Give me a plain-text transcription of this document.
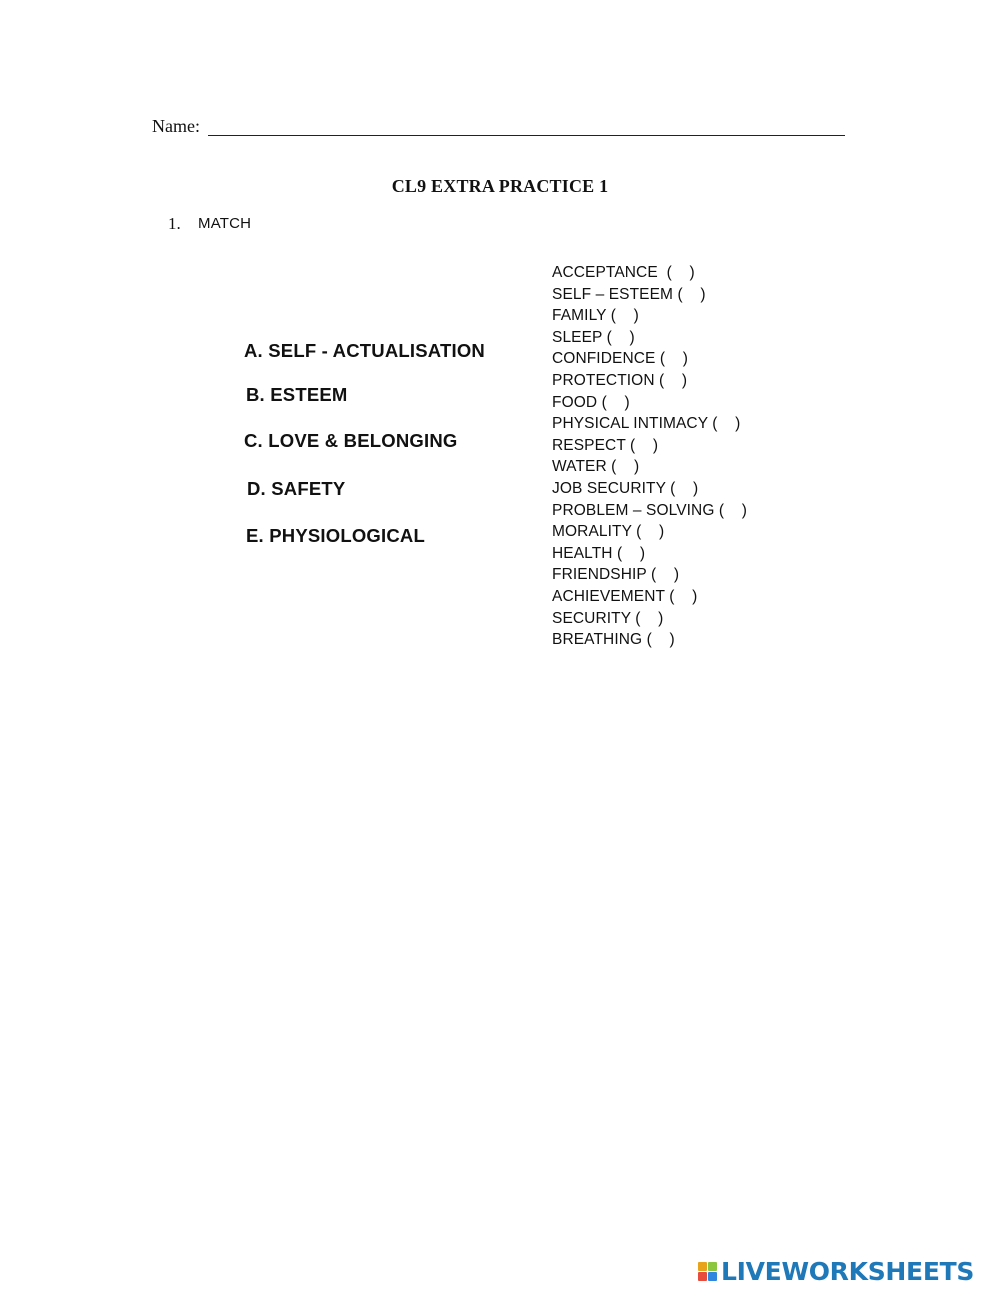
Name:
CL9 EXTRA PRACTICE 1
1. MATCH
A. SELF - ACTUALISATION
B. ESTEEM
C. LOVE & BELONGING
D. SAFETY
E. PHYSIOLOGICAL
ACCEPTANCE  (    )
SELF – ESTEEM (    )
FAMILY (    )
SLEEP (    )
CONFIDENCE (    )
PROTECTION (    )
FOOD (    )
PHYSICAL INTIMACY (    )
RESPECT (    )
WATER (    )
JOB SECURITY (    )
PROBLEM – SOLVING (    )
MORALITY (    )
HEALTH (    )
FRIENDSHIP (    )
ACHIEVEMENT (    )
SECURITY (    )
BREATHING (    )
LIVEWORKSHEETS
